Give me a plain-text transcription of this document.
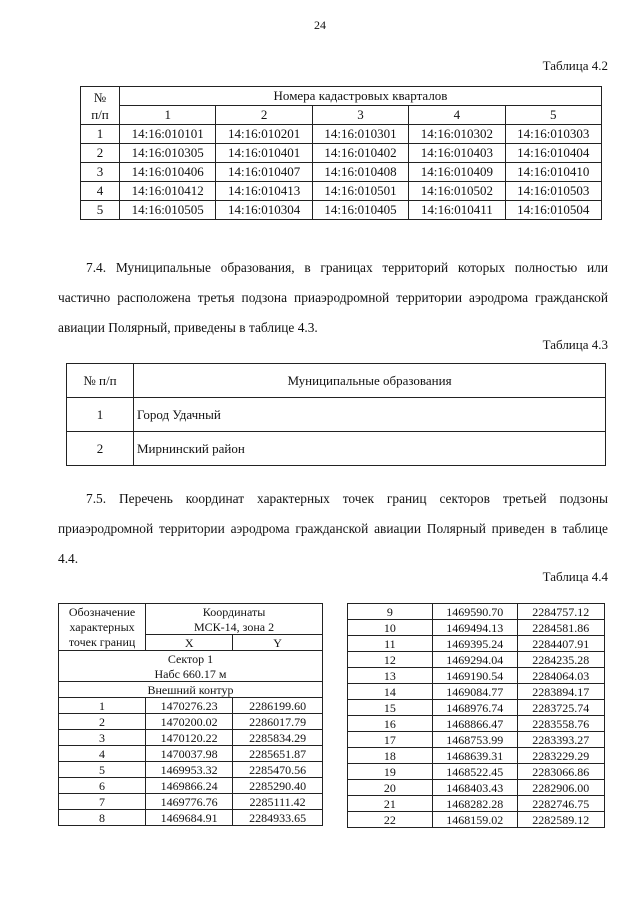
24
Таблица 4.2
№
п/п	Номера кадастровых кварталов				
	1	2	3	4	5
1	14:16:010101	14:16:010201	14:16:010301	14:16:010302	14:16:010303
2	14:16:010305	14:16:010401	14:16:010402	14:16:010403	14:16:010404
3	14:16:010406	14:16:010407	14:16:010408	14:16:010409	14:16:010410
4	14:16:010412	14:16:010413	14:16:010501	14:16:010502	14:16:010503
5	14:16:010505	14:16:010304	14:16:010405	14:16:010411	14:16:010504
7.4. Муниципальные образования, в границах территорий которых полностью или частично расположена третья подзона приаэродромной территории аэродрома гражданской авиации Полярный, приведены в таблице 4.3.
Таблица 4.3
№ п/п	Муниципальные образования
1	Город Удачный
2	Мирнинский район
7.5. Перечень координат характерных точек границ секторов третьей подзоны приаэродромной территории аэродрома гражданской авиации Полярный приведен в таблице 4.4.
Таблица 4.4
Обозначение характерных точек границ	Координаты	
	МСК-14, зона 2	
	X	Y
Сектор 1		
Набс 660.17 м		
Внешний контур		
1	1470276.23	2286199.60
2	1470200.02	2286017.79
3	1470120.22	2285834.29
4	1470037.98	2285651.87
5	1469953.32	2285470.56
6	1469866.24	2285290.40
7	1469776.76	2285111.42
8	1469684.91	2284933.65
9	1469590.70	2284757.12
10	1469494.13	2284581.86
11	1469395.24	2284407.91
12	1469294.04	2284235.28
13	1469190.54	2284064.03
14	1469084.77	2283894.17
15	1468976.74	2283725.74
16	1468866.47	2283558.76
17	1468753.99	2283393.27
18	1468639.31	2283229.29
19	1468522.45	2283066.86
20	1468403.43	2282906.00
21	1468282.28	2282746.75
22	1468159.02	2282589.12
